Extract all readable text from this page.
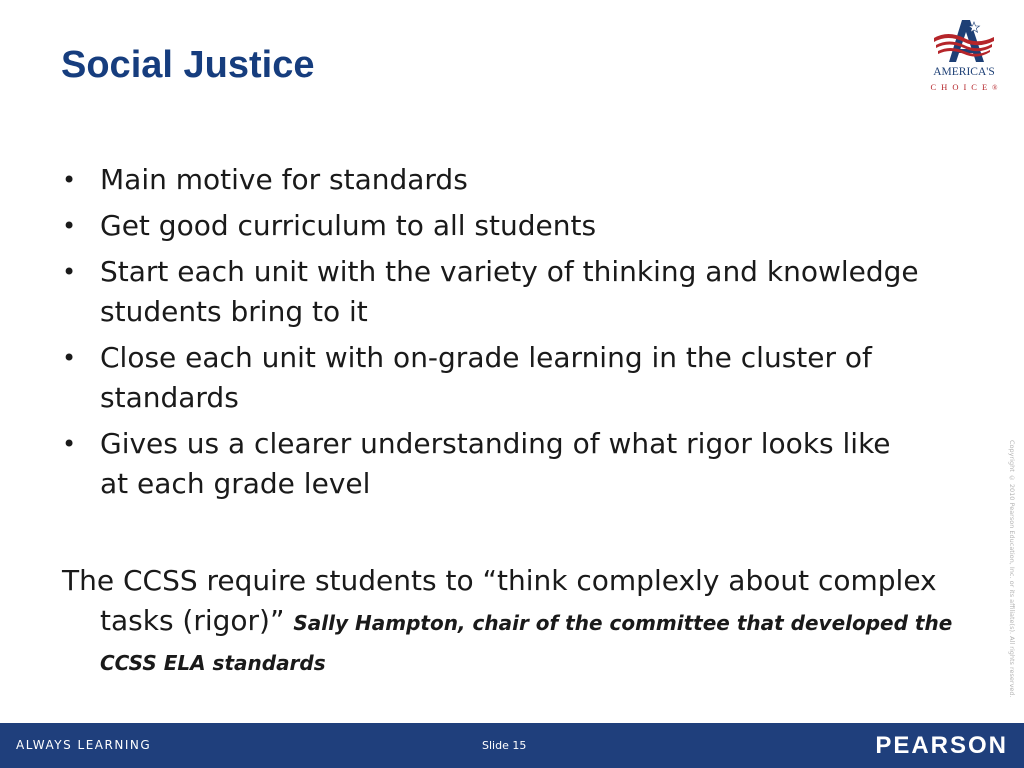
Social Justice	AMERICA'S
CHOICE®
• Main motive for standards
• Get good curriculum to all students
• Start each unit with the variety of thinking and knowledge students bring to it
• Close each unit with on-grade learning in the cluster of standards
• Gives us a clearer understanding of what rigor looks like at each grade level

The CCSS require students to “think complexly about complex tasks (rigor)” Sally Hampton, chair of the committee that developed the CCSS ELA standards	Copyright © 2010 Pearson Education, Inc. or its affiliate(s). All rights reserved.
ALWAYS LEARNING	Slide 15	PEARSON
